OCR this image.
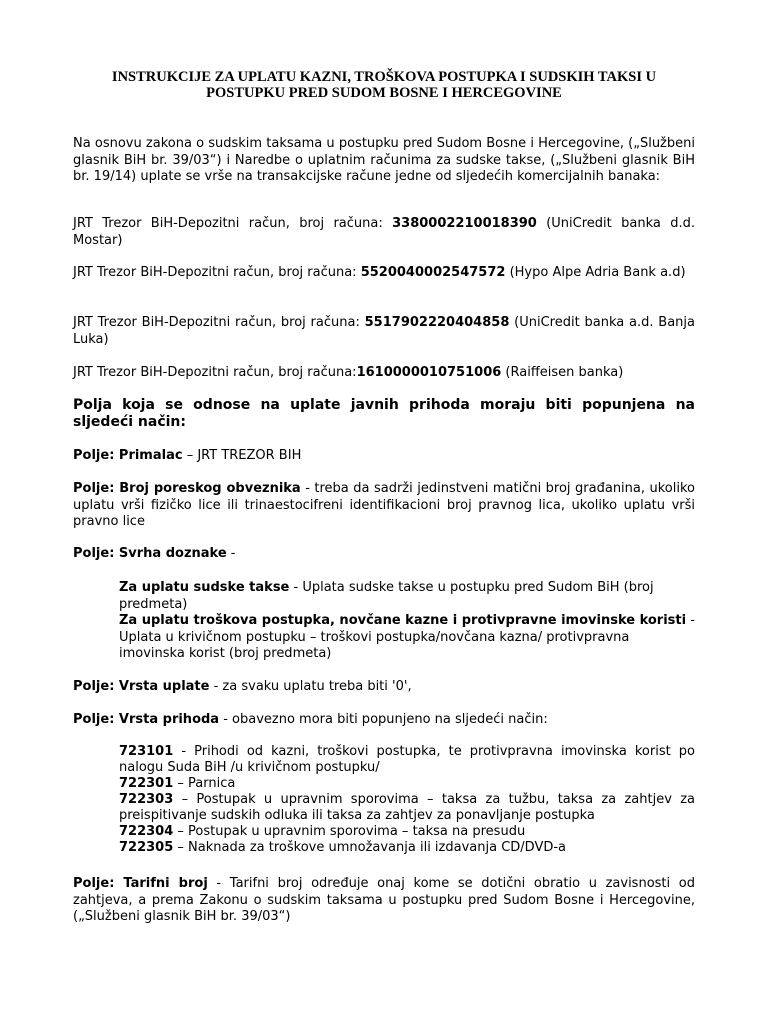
INSTRUKCIJE ZA UPLATU KAZNI, TROŠKOVA POSTUPKA I SUDSKIH TAKSI U
POSTUPKU PRED SUDOM BOSNE I HERCEGOVINE

Na osnovu zakona o sudskim taksama u postupku pred Sudom Bosne i Hercegovine, („Službeni glasnik BiH br. 39/03“) i Naredbe o uplatnim računima za sudske takse, („Službeni glasnik BiH br. 19/14) uplate se vrše na transakcijske račune jedne od sljedećih komercijalnih banaka:

JRT Trezor BiH-Depozitni račun, broj računa: 3380002210018390 (UniCredit banka d.d. Mostar)

JRT Trezor BiH-Depozitni račun, broj računa: 5520040002547572 (Hypo Alpe Adria Bank a.d)

JRT Trezor BiH-Depozitni račun, broj računa: 5517902220404858 (UniCredit banka a.d. Banja Luka)

JRT Trezor BiH-Depozitni račun, broj računa:1610000010751006 (Raiffeisen banka)

Polja koja se odnose na uplate javnih prihoda moraju biti popunjena na sljedeći način:

Polje: Primalac – JRT TREZOR BIH

Polje: Broj poreskog obveznika - treba da sadrži jedinstveni matični broj građanina, ukoliko uplatu vrši fizičko lice ili trinaestocifreni identifikacioni broj pravnog lica, ukoliko uplatu vrši pravno lice

Polje: Svrha doznake -

Za uplatu sudske takse - Uplata sudske takse u postupku pred Sudom BiH (broj predmeta)

Za uplatu troškova postupka, novčane kazne i protivpravne imovinske koristi - Uplata u krivičnom postupku – troškovi postupka/novčana kazna/ protivpravna imovinska korist (broj predmeta)

Polje: Vrsta uplate - za svaku uplatu treba biti '0',

Polje: Vrsta prihoda - obavezno mora biti popunjeno na sljedeći način:

723101 - Prihodi od kazni, troškovi postupka, te protivpravna imovinska korist po nalogu Suda BiH /u krivičnom postupku/

722301 – Parnica

722303 – Postupak u upravnim sporovima – taksa za tužbu, taksa za zahtjev za preispitivanje sudskih odluka ili taksa za zahtjev za ponavljanje postupka

722304 – Postupak u upravnim sporovima – taksa na presudu

722305 – Naknada za troškove umnožavanja ili izdavanja CD/DVD-a

Polje: Tarifni broj - Tarifni broj određuje onaj kome se dotični obratio u zavisnosti od zahtjeva, a prema Zakonu o sudskim taksama u postupku pred Sudom Bosne i Hercegovine, („Službeni glasnik BiH br. 39/03“)
